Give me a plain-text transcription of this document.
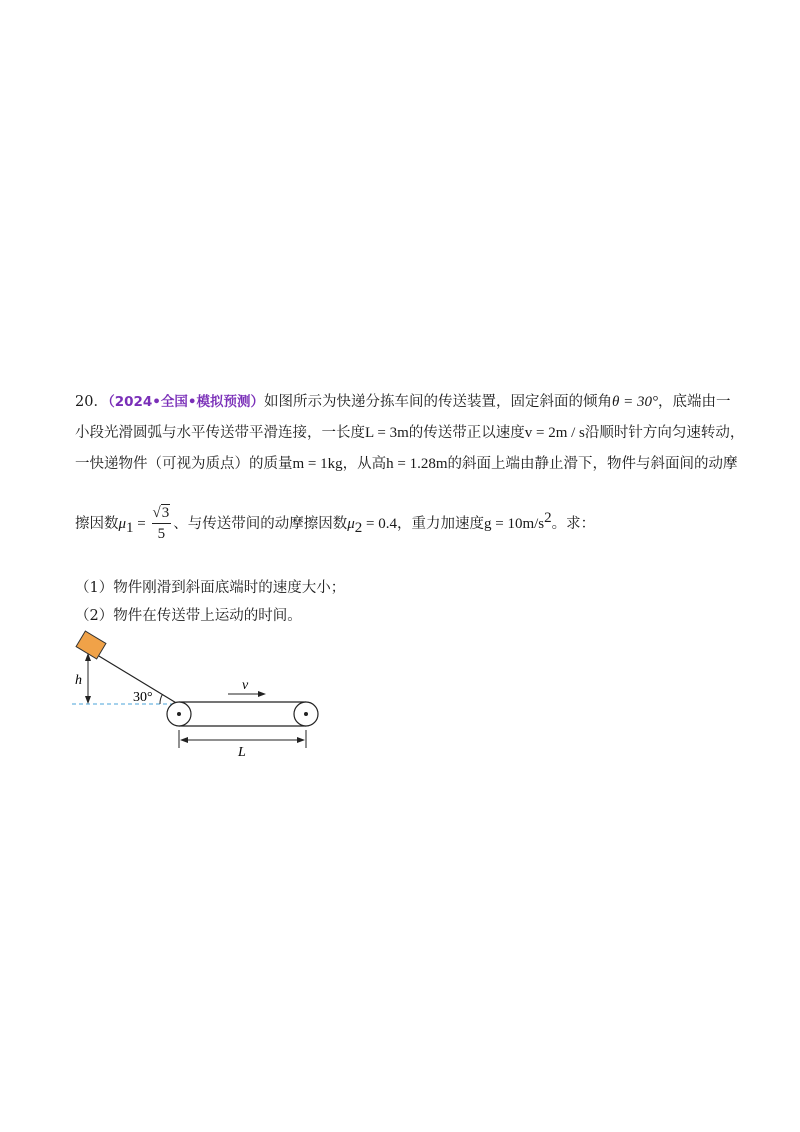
20．（2024•全国•模拟预测）如图所示为快递分拣车间的传送装置，固定斜面的倾角θ = 30°，底端由一
小段光滑圆弧与水平传送带平滑连接，一长度L = 3m的传送带正以速度v = 2m / s沿顺时针方向匀速转动，
一快递物件（可视为质点）的质量m = 1kg，从高h = 1.28m的斜面上端由静止滑下，物件与斜面间的动摩
擦因数$\mu_1 = \frac{√3}{5}$ 、与传送带间的动摩擦因数$\mu_2 = 0.4$，重力加速度$g = 10m/s^2$。求：
（1）物件刚滑到斜面底端时的速度大小；
（2）物件在传送带上运动的时间。
h
30°
v
L
